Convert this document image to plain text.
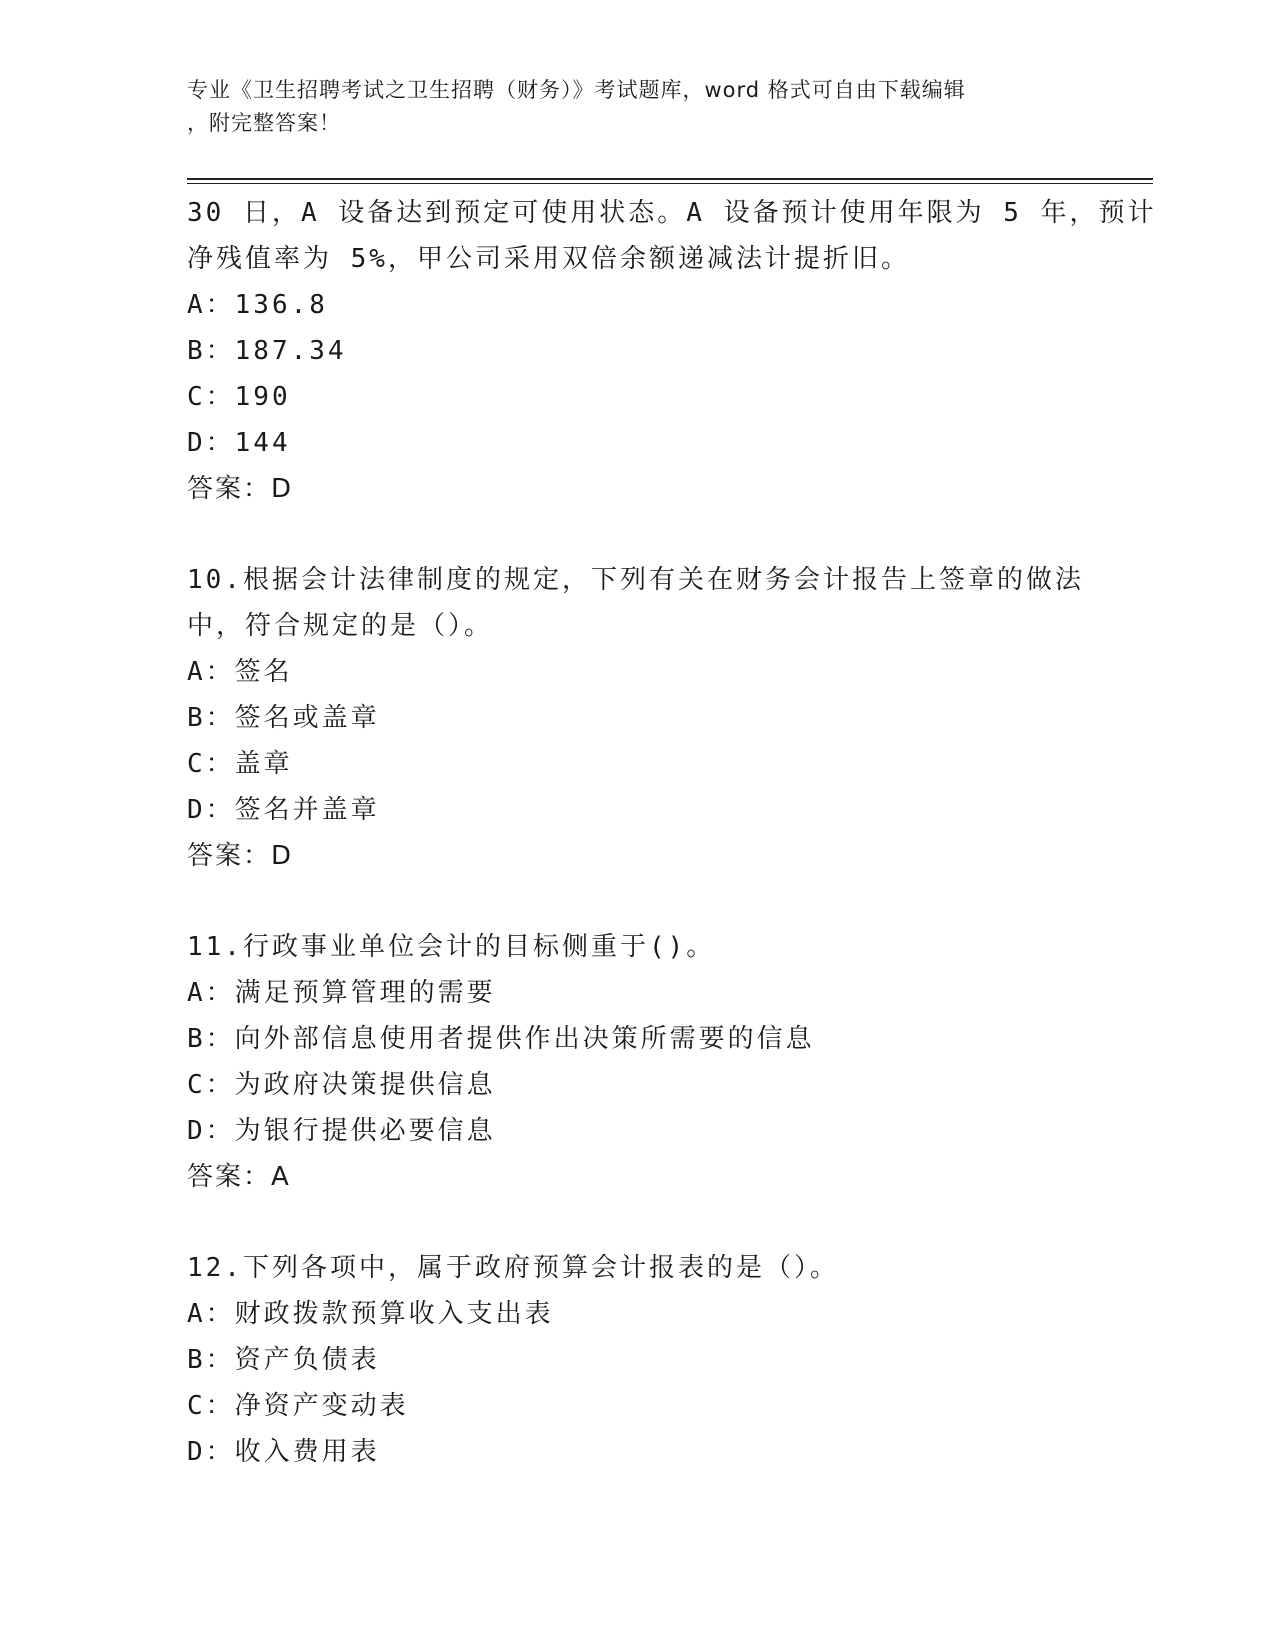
专业《卫生招聘考试之卫生招聘（财务）》考试题库，word 格式可自由下载编辑
，附完整答案！
30 日，A 设备达到预定可使用状态。A 设备预计使用年限为 5 年，预计
净残值率为 5%，甲公司采用双倍余额递减法计提折旧。
A：136.8
B：187.34
C：190
D：144
答案：D
10.根据会计法律制度的规定，下列有关在财务会计报告上签章的做法
中，符合规定的是（）。
A：签名
B：签名或盖章
C：盖章
D：签名并盖章
答案：D
11.行政事业单位会计的目标侧重于()。
A：满足预算管理的需要
B：向外部信息使用者提供作出决策所需要的信息
C：为政府决策提供信息
D：为银行提供必要信息
答案：A
12.下列各项中，属于政府预算会计报表的是（）。
A：财政拨款预算收入支出表
B：资产负债表
C：净资产变动表
D：收入费用表
